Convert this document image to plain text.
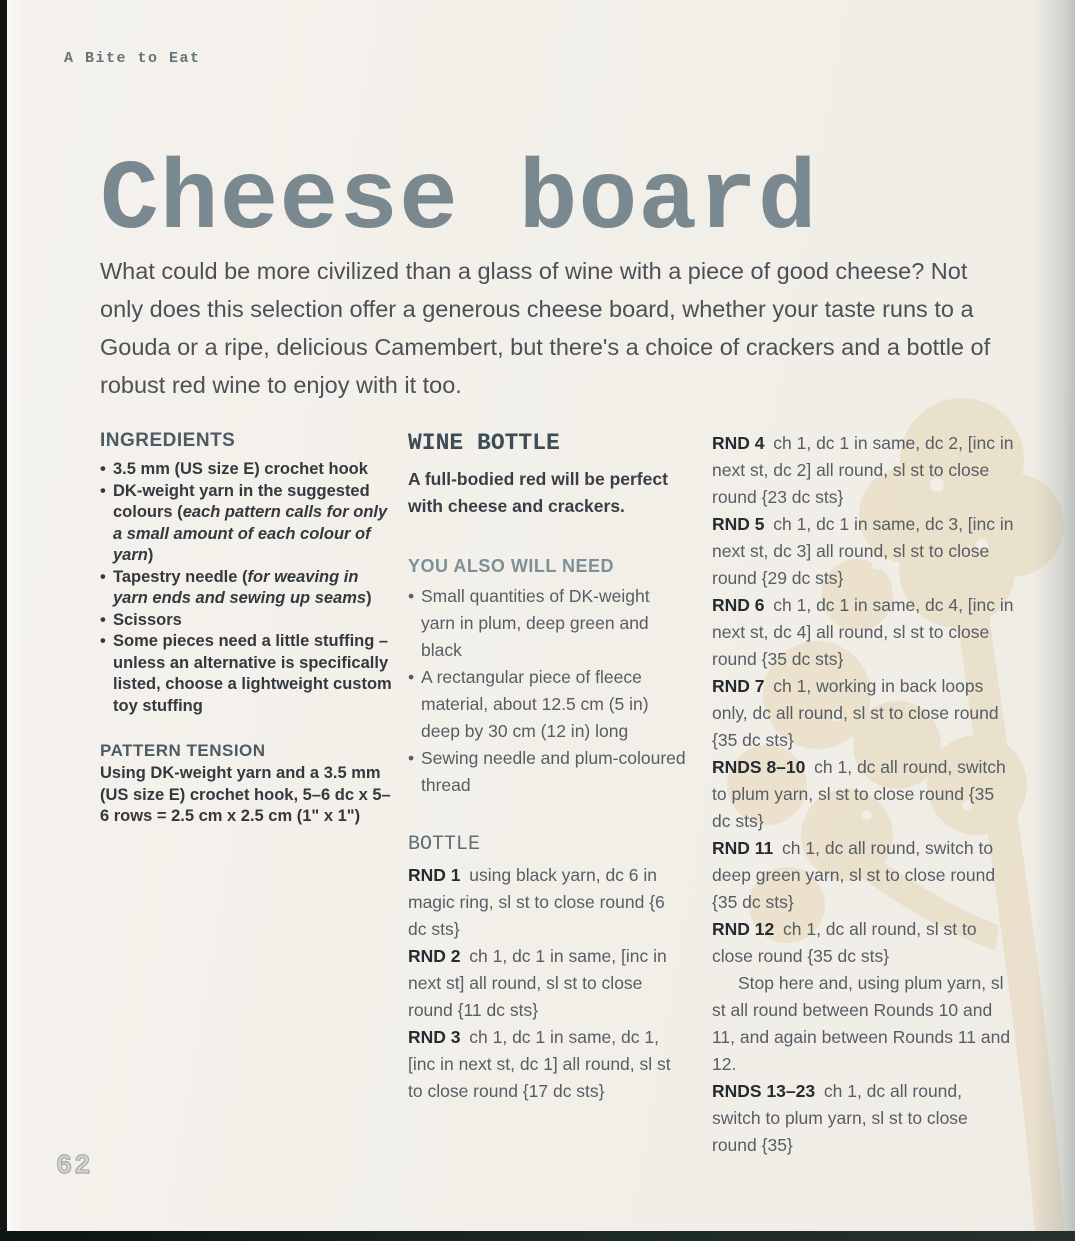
A Bite to Eat
Cheese board

What could be more civilized than a glass of wine with a piece of good cheese? Not only does this selection offer a generous cheese board, whether your taste runs to a Gouda or a ripe, delicious Camembert, but there's a choice of crackers and a bottle of robust red wine to enjoy with it too.

INGREDIENTS
• 3.5 mm (US size E) crochet hook
• DK-weight yarn in the suggested colours (each pattern calls for only a small amount of each colour of yarn)
• Tapestry needle (for weaving in yarn ends and sewing up seams)
• Scissors
• Some pieces need a little stuffing – unless an alternative is specifically listed, choose a lightweight custom toy stuffing
PATTERN TENSION

Using DK-weight yarn and a 3.5 mm (US size E) crochet hook, 5–6 dc x 5–6 rows = 2.5 cm x 2.5 cm (1" x 1")

WINE BOTTLE

A full-bodied red will be perfect with cheese and crackers.

YOU ALSO WILL NEED
• Small quantities of DK-weight yarn in plum, deep green and black
• A rectangular piece of fleece material, about 12.5 cm (5 in) deep by 30 cm (12 in) long
• Sewing needle and plum-coloured thread
BOTTLE

RND 1 using black yarn, dc 6 in magic ring, sl st to close round {6 dc sts}

RND 2 ch 1, dc 1 in same, [inc in next st] all round, sl st to close round {11 dc sts}

RND 3 ch 1, dc 1 in same, dc 1, [inc in next st, dc 1] all round, sl st to close round {17 dc sts}

RND 4 ch 1, dc 1 in same, dc 2, [inc in next st, dc 2] all round, sl st to close round {23 dc sts}

RND 5 ch 1, dc 1 in same, dc 3, [inc in next st, dc 3] all round, sl st to close round {29 dc sts}

RND 6 ch 1, dc 1 in same, dc 4, [inc in next st, dc 4] all round, sl st to close round {35 dc sts}

RND 7 ch 1, working in back loops only, dc all round, sl st to close round {35 dc sts}

RNDS 8–10 ch 1, dc all round, switch to plum yarn, sl st to close round {35 dc sts}

RND 11 ch 1, dc all round, switch to deep green yarn, sl st to close round {35 dc sts}

RND 12 ch 1, dc all round, sl st to close round {35 dc sts}

Stop here and, using plum yarn, sl st all round between Rounds 10 and 11, and again between Rounds 11 and 12.

RNDS 13–23 ch 1, dc all round, switch to plum yarn, sl st to close round {35}

62
